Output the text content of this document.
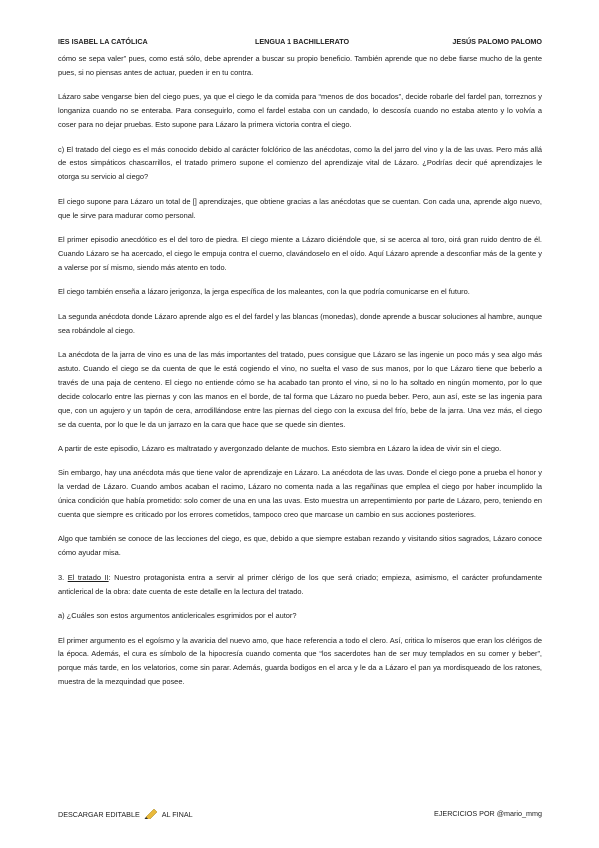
IES ISABEL LA CATÓLICA	LENGUA 1 BACHILLERATO	JESÚS PALOMO PALOMO

cómo se sepa valer” pues, como está sólo, debe aprender a buscar su propio beneficio. También aprende que no debe fiarse mucho de la gente pues, si no piensas antes de actuar, pueden ir en tu contra.

Lázaro sabe vengarse bien del ciego pues, ya que el ciego le da comida para “menos de dos bocados”, decide robarle del fardel pan, torreznos y longaniza cuando no se enteraba. Para conseguirlo, como el fardel estaba con un candado, lo descosía cuando no estaba atento y lo volvía a coser para no dejar pruebas. Esto supone para Lázaro la primera victoria contra el ciego.

c) El tratado del ciego es el más conocido debido al carácter folclórico de las anécdotas, como la del jarro del vino y la de las uvas. Pero más allá de estos simpáticos chascarrillos, el tratado primero supone el comienzo del aprendizaje vital de Lázaro. ¿Podrías decir qué aprendizajes le otorga su servicio al ciego?

El ciego supone para Lázaro un total de [] aprendizajes, que obtiene gracias a las anécdotas que se cuentan. Con cada una, aprende algo nuevo, que le sirve para madurar como personal.

El primer episodio anecdótico es el del toro de piedra. El ciego miente a Lázaro diciéndole que, si se acerca al toro, oirá gran ruido dentro de él. Cuando Lázaro se ha acercado, el ciego le empuja contra el cuerno, clavándoselo en el oído. Aquí Lázaro aprende a desconfiar más de la gente y a valerse por sí mismo, siendo más atento en todo.

El ciego también enseña a lázaro jerigonza, la jerga específica de los maleantes, con la que podría comunicarse en el futuro.

La segunda anécdota donde Lázaro aprende algo es el del fardel y las blancas (monedas), donde aprende a buscar soluciones al hambre, aunque sea robándole al ciego.

La anécdota de la jarra de vino es una de las más importantes del tratado, pues consigue que Lázaro se las ingenie un poco más y sea algo más astuto. Cuando el ciego se da cuenta de que le está cogiendo el vino, no suelta el vaso de sus manos, por lo que Lázaro tiene que beberlo a través de una paja de centeno. El ciego no entiende cómo se ha acabado tan pronto el vino, si no lo ha soltado en ningún momento, por lo que decide colocarlo entre las piernas y con las manos en el borde, de tal forma que Lázaro no pueda beber. Pero, aun así, este se las ingenia para que, con un agujero y un tapón de cera, arrodillándose entre las piernas del ciego con la excusa del frío, bebe de la jarra. Una vez más, el ciego se da cuenta, por lo que le da un jarrazo en la cara que hace que se quede sin dientes.

A partir de este episodio, Lázaro es maltratado y avergonzado delante de muchos. Esto siembra en Lázaro la idea de vivir sin el ciego.

Sin embargo, hay una anécdota más que tiene valor de aprendizaje en Lázaro. La anécdota de las uvas. Donde el ciego pone a prueba el honor y la verdad de Lázaro. Cuando ambos acaban el racimo, Lázaro no comenta nada a las regañinas que emplea el ciego por haber incumplido la única condición que había prometido: solo comer de una en una las uvas. Esto muestra un arrepentimiento por parte de Lázaro, pero, teniendo en cuenta que siempre es criticado por los errores cometidos, tampoco creo que marcase un cambio en sus acciones posteriores.

Algo que también se conoce de las lecciones del ciego, es que, debido a que siempre estaban rezando y visitando sitios sagrados, Lázaro conoce cómo ayudar misa.

3. El tratado II: Nuestro protagonista entra a servir al primer clérigo de los que será criado; empieza, asimismo, el carácter profundamente anticlerical de la obra: date cuenta de este detalle en la lectura del tratado.

a) ¿Cuáles son estos argumentos anticlericales esgrimidos por el autor?

El primer argumento es el egoísmo y la avaricia del nuevo amo, que hace referencia a todo el clero. Así, critica lo míseros que eran los clérigos de la época. Además, el cura es símbolo de la hipocresía cuando comenta que “los sacerdotes han de ser muy templados en su comer y beber”, porque más tarde, en los velatorios, come sin parar. Además, guarda bodigos en el arca y le da a Lázaro el pan ya mordisqueado de los ratones, muestra de la mezquindad que posee.

DESCARGAR EDITABLE	AL FINAL	EJERCICIOS POR @mario_mmg
